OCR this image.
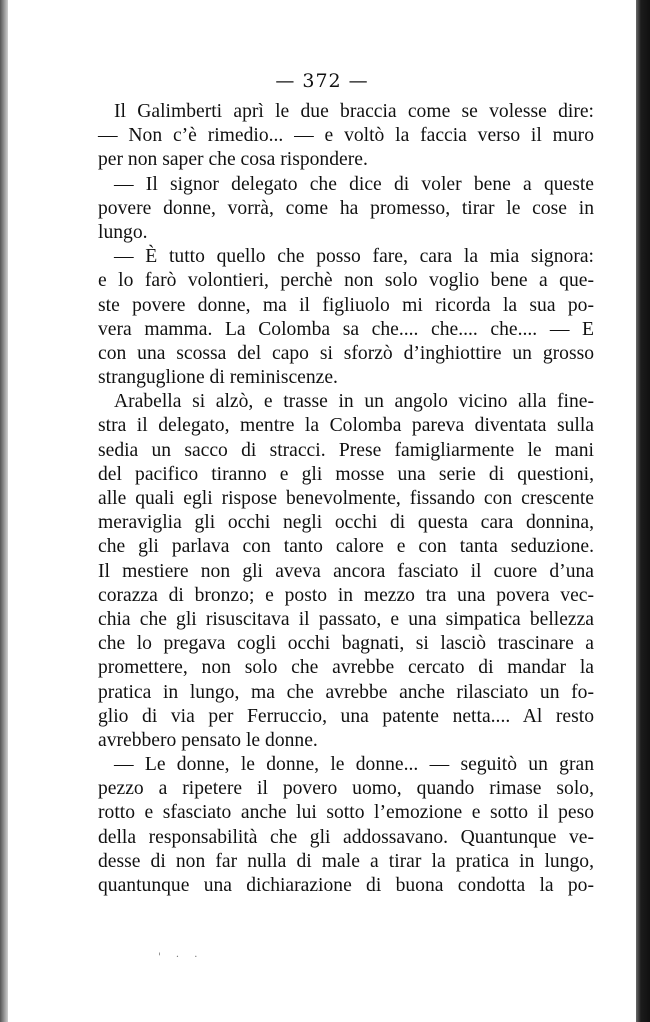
— 372 —
Il Galimberti aprì le due braccia come se volesse dire:
— Non c’è rimedio... — e voltò la faccia verso il muro
per non saper che cosa rispondere.
— Il signor delegato che dice di voler bene a queste
povere donne, vorrà, come ha promesso, tirar le cose in
lungo.
— È tutto quello che posso fare, cara la mia signora:
e lo farò volontieri, perchè non solo voglio bene a que-
ste povere donne, ma il figliuolo mi ricorda la sua po-
vera mamma. La Colomba sa che.... che.... che.... — E
con una scossa del capo si sforzò d’inghiottire un grosso
stranguglione di reminiscenze.
Arabella si alzò, e trasse in un angolo vicino alla fine-
stra il delegato, mentre la Colomba pareva diventata sulla
sedia un sacco di stracci. Prese famigliarmente le mani
del pacifico tiranno e gli mosse una serie di questioni,
alle quali egli rispose benevolmente, fissando con crescente
meraviglia gli occhi negli occhi di questa cara donnina,
che gli parlava con tanto calore e con tanta seduzione.
Il mestiere non gli aveva ancora fasciato il cuore d’una
corazza di bronzo; e posto in mezzo tra una povera vec-
chia che gli risuscitava il passato, e una simpatica bellezza
che lo pregava cogli occhi bagnati, si lasciò trascinare a
promettere, non solo che avrebbe cercato di mandar la
pratica in lungo, ma che avrebbe anche rilasciato un fo-
glio di via per Ferruccio, una patente netta.... Al resto
avrebbero pensato le donne.
— Le donne, le donne, le donne... — seguitò un gran
pezzo a ripetere il povero uomo, quando rimase solo,
rotto e sfasciato anche lui sotto l’emozione e sotto il peso
della responsabilità che gli addossavano. Quantunque ve-
desse di non far nulla di male a tirar la pratica in lungo,
quantunque una dichiarazione di buona condotta la po-
' · ·
